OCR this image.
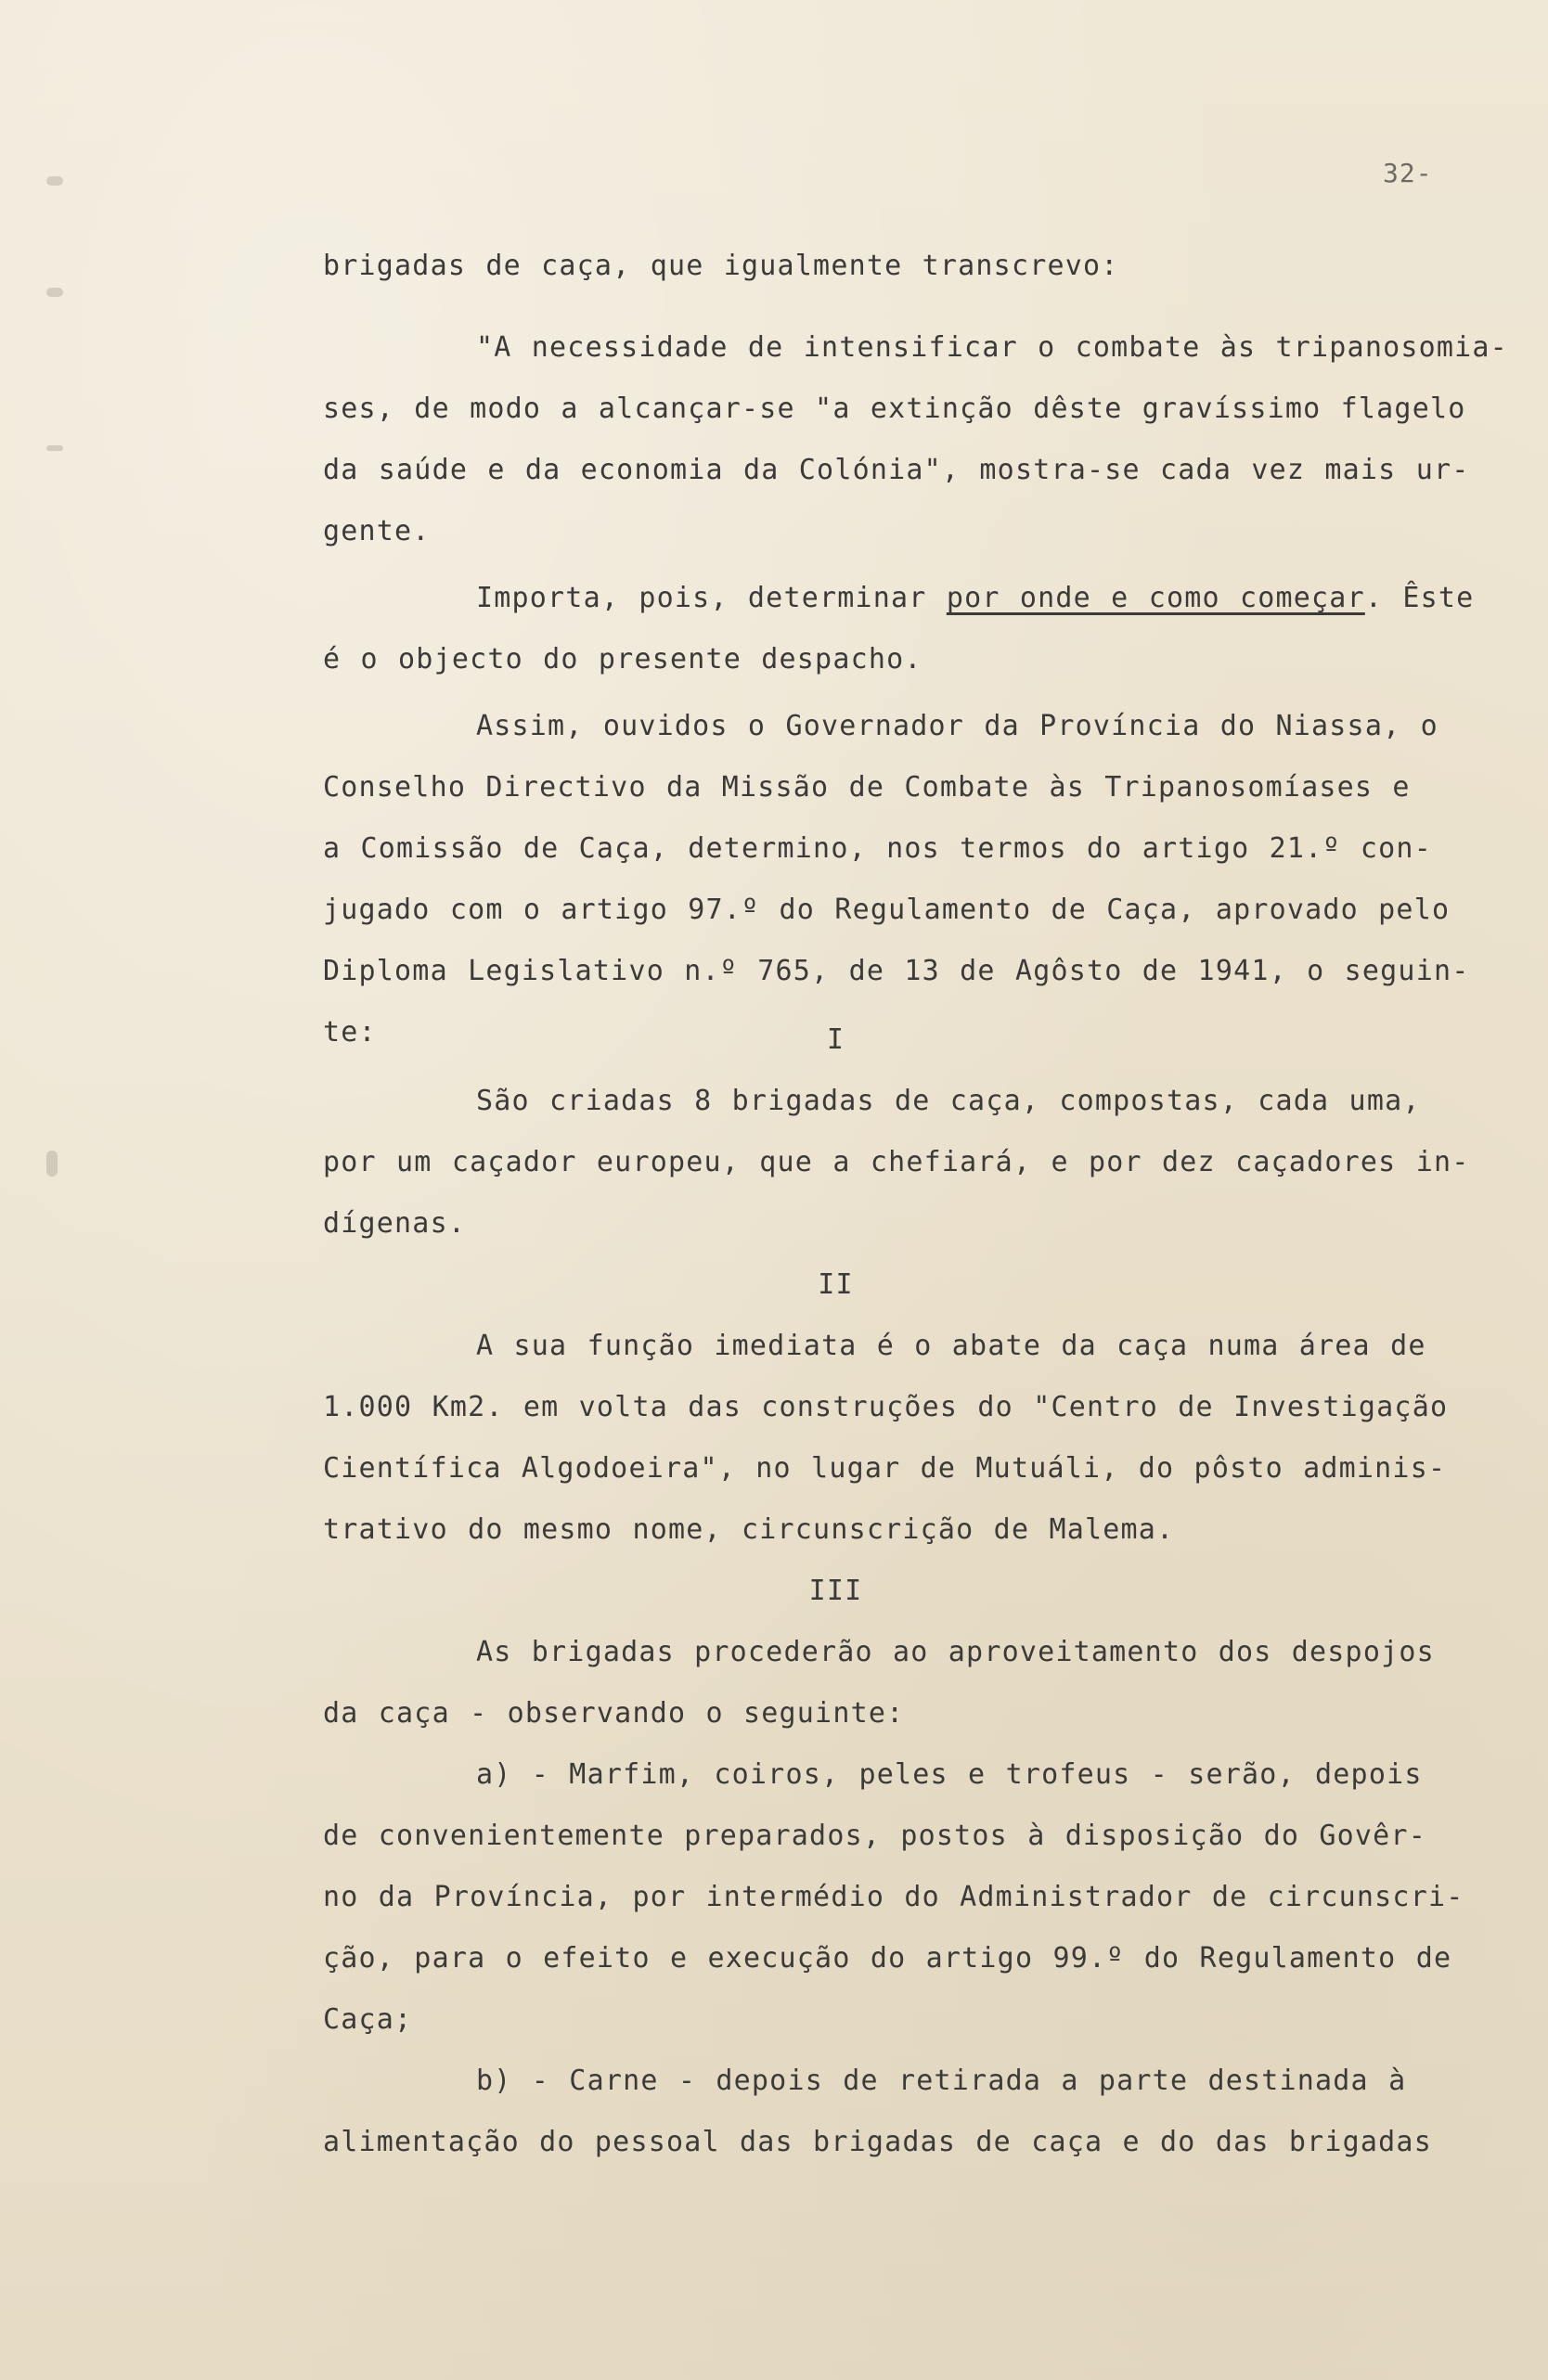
32-
brigadas de caça, que igualmente transcrevo:
"A necessidade de intensificar o combate às tripanosomia-
ses, de modo a alcançar-se "a extinção dêste gravíssimo flagelo
da saúde e da economia da Colónia", mostra-se cada vez mais ur-
gente.
Importa, pois, determinar por onde e como começar. Êste
é o objecto do presente despacho.
Assim, ouvidos o Governador da Província do Niassa, o
Conselho Directivo da Missão de Combate às Tripanosomíases e
a Comissão de Caça, determino, nos termos do artigo 21.º con-
jugado com o artigo 97.º do Regulamento de Caça, aprovado pelo
Diploma Legislativo n.º 765, de 13 de Agôsto de 1941, o seguin-
te:	I
São criadas 8 brigadas de caça, compostas, cada uma,
por um caçador europeu, que a chefiará, e por dez caçadores in-
dígenas.
II
A sua função imediata é o abate da caça numa área de
1.000 Km2. em volta das construções do "Centro de Investigação
Científica Algodoeira", no lugar de Mutuáli, do pôsto adminis-
trativo do mesmo nome, circunscrição de Malema.
III
As brigadas procederão ao aproveitamento dos despojos
da caça - observando o seguinte:
a) - Marfim, coiros, peles e trofeus - serão, depois
de convenientemente preparados, postos à disposição do Govêr-
no da Província, por intermédio do Administrador de circunscri-
ção, para o efeito e execução do artigo 99.º do Regulamento de
Caça;
b) - Carne - depois de retirada a parte destinada à
alimentação do pessoal das brigadas de caça e do das brigadas
